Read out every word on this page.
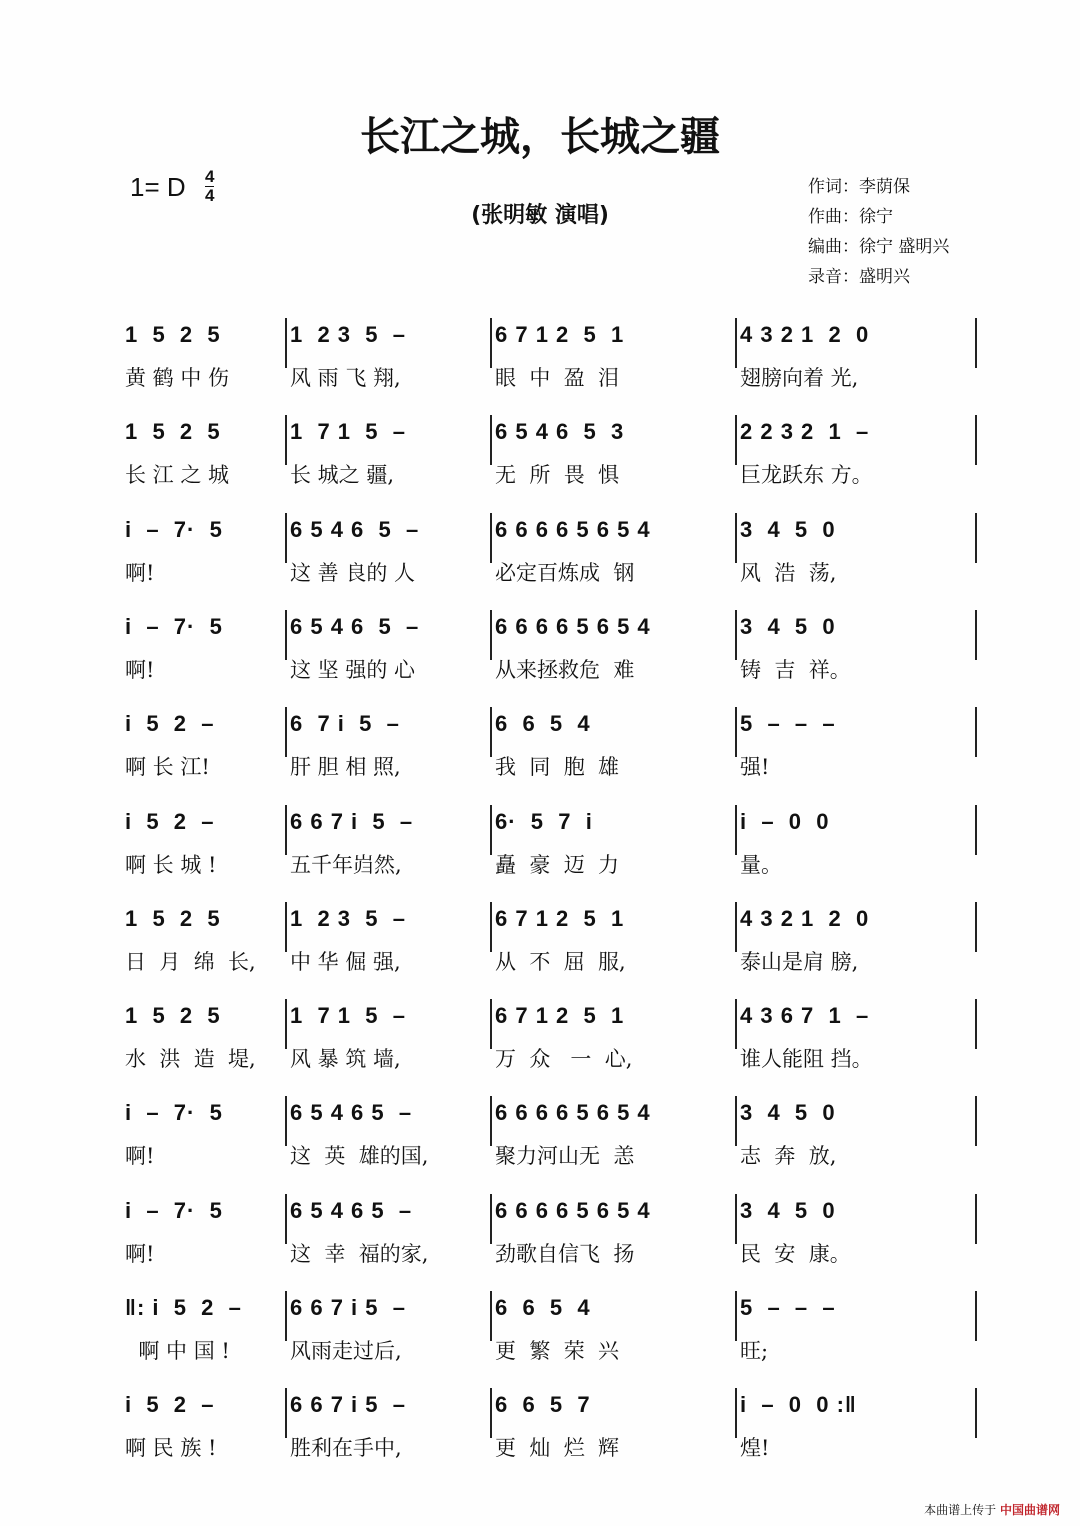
长江之城，长城之疆
1= D 4
4
(张明敏 演唱)
作词：李荫保
作曲：徐宁
编曲：徐宁 盛明兴
录音：盛明兴
1  5  2  5
黄 鹤 中 伤
1  2 3  5  –
风 雨 飞 翔,
6 7 1 2  5  1
眼  中  盈  泪
4 3 2 1  2  0
翅膀向着 光,
1  5  2  5
长 江 之 城
1  7 1  5  –
长 城之 疆,
6 5 4 6  5  3
无  所  畏  惧
2 2 3 2  1  –
巨龙跃东 方。
i  –  7·  5
啊!
6 5 4 6  5  –
这 善 良的 人
6 6 6 6 5 6 5 4
必定百炼成  钢
3  4  5  0
风  浩  荡,
i  –  7·  5
啊!
6 5 4 6  5  –
这 坚 强的 心
6 6 6 6 5 6 5 4
从来拯救危  难
3  4  5  0
铸  吉  祥。
i  5  2  –
啊 长 江!
6  7 i  5  –
肝 胆 相 照,
6  6  5  4
我  同  胞  雄
5  –  –  –
强!
i  5  2  –
啊 长 城 !
6 6 7 i  5  –
五千年岿然,
6·  5  7  i
矗  豪  迈  力
i  –  0  0
量。
1  5  2  5
日  月  绵  长,
1  2 3  5  –
中 华 倔 强,
6 7 1 2  5  1
从  不  屈  服,
4 3 2 1  2  0
泰山是肩 膀,
1  5  2  5
水  洪  造  堤,
1  7 1  5  –
风 暴 筑 墙,
6 7 1 2  5  1
万  众   一  心,
4 3 6 7  1  –
谁人能阻 挡。
i  –  7·  5
啊!
6 5 4 6 5  –
这  英  雄的国,
6 6 6 6 5 6 5 4
聚力河山无  恙
3  4  5  0
志  奔  放,
i  –  7·  5
啊!
6 5 4 6 5  –
这  幸  福的家,
6 6 6 6 5 6 5 4
劲歌自信飞  扬
3  4  5  0
民  安  康。
‖: i  5  2  –
啊 中 国 !
6 6 7 i 5  –
风雨走过后,
6  6  5  4
更  繁  荣  兴
5  –  –  –
旺;
i  5  2  –
啊 民 族 !
6 6 7 i 5  –
胜利在手中,
6  6  5  7
更  灿  烂  辉
i  –  0  0 :‖
煌!
本曲谱上传于 中国曲谱网
